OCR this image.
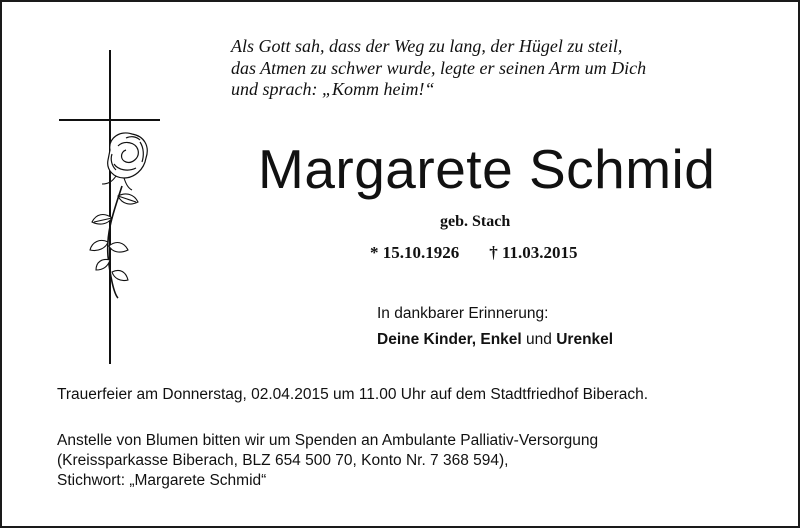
Als Gott sah, dass der Weg zu lang, der Hügel zu steil,
das Atmen zu schwer wurde, legte er seinen Arm um Dich
und sprach: „Komm heim!“
Margarete Schmid
geb. Stach
* 15.10.1926 † 11.03.2015
In dankbarer Erinnerung:
Deine Kinder, Enkel und Urenkel
Trauerfeier am Donnerstag, 02.04.2015 um 11.00 Uhr auf dem Stadtfriedhof Biberach.
Anstelle von Blumen bitten wir um Spenden an Ambulante Palliativ-Versorgung
(Kreissparkasse Biberach, BLZ 654 500 70, Konto Nr. 7 368 594),
Stichwort: „Margarete Schmid“
